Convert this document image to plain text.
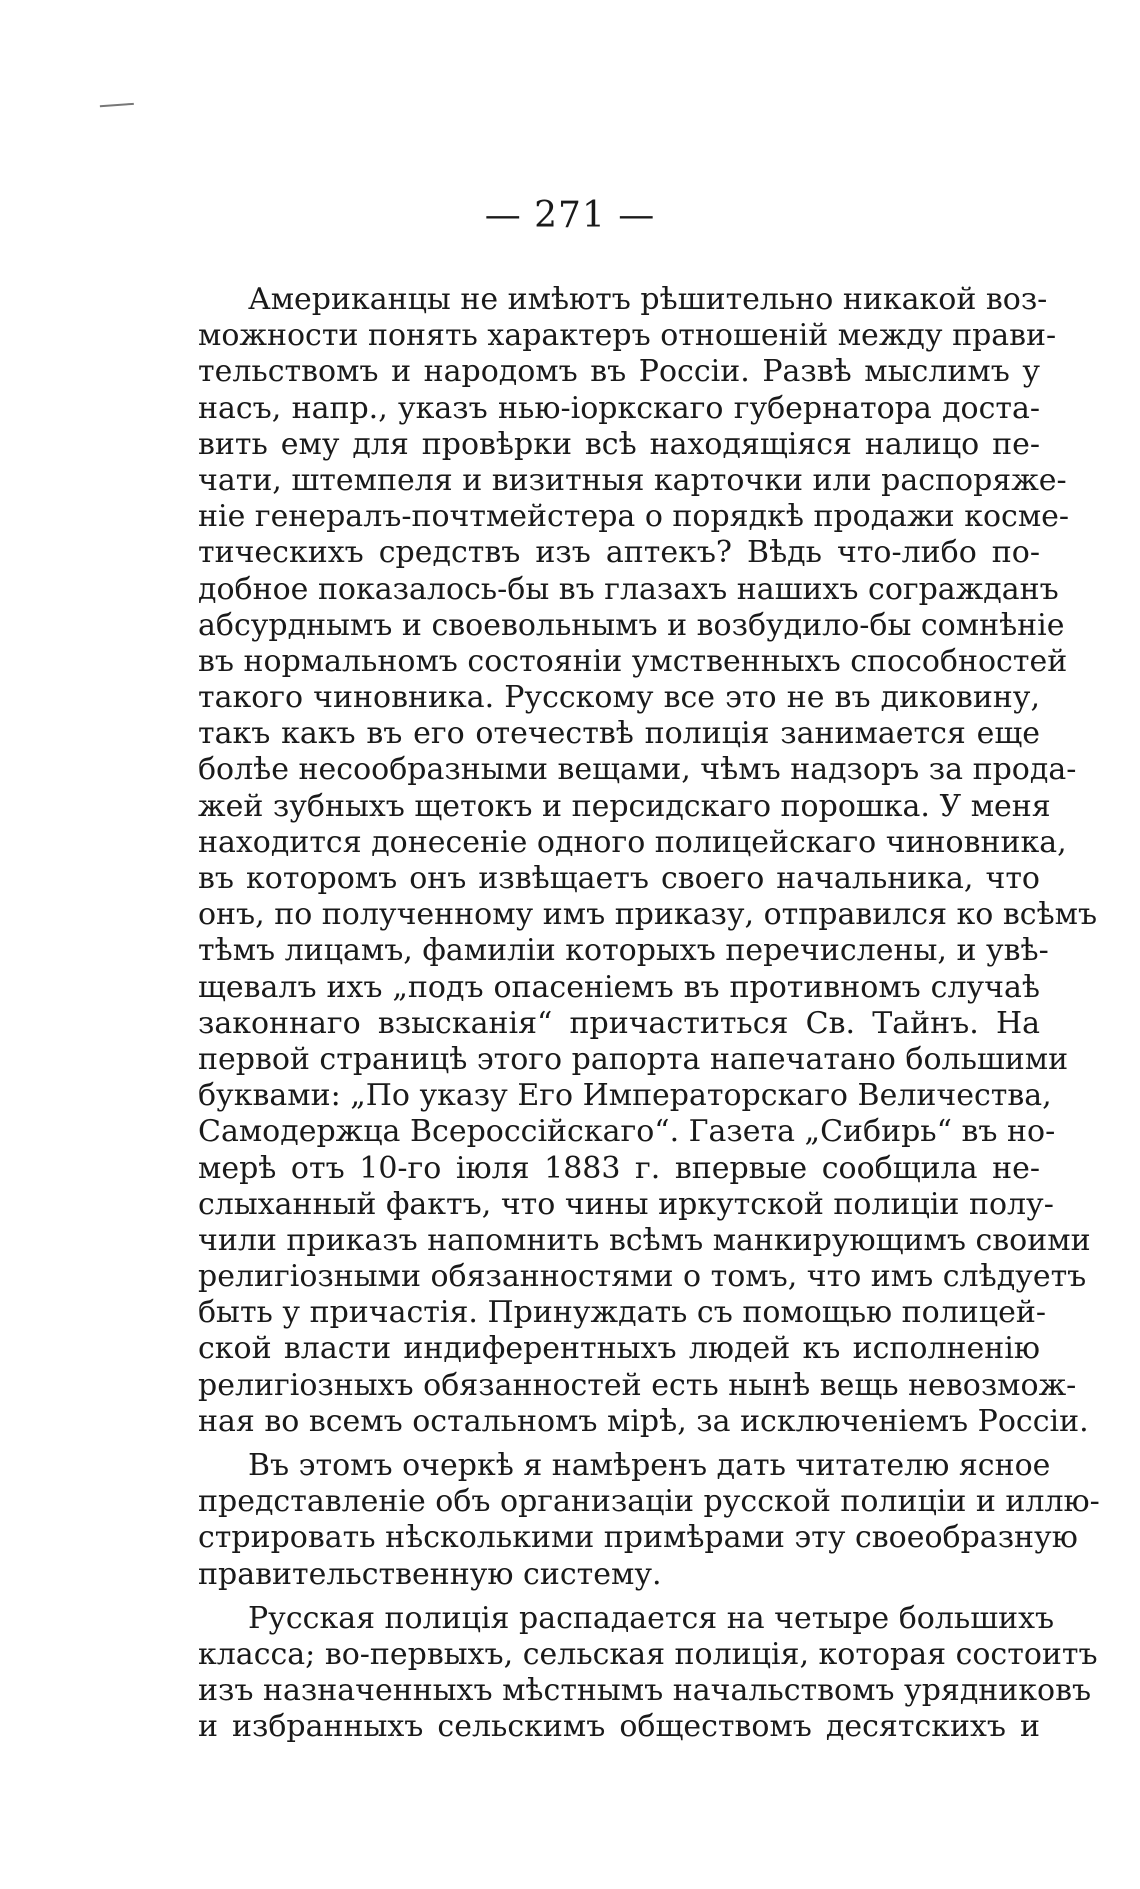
— 271 —
Американцы не имѣютъ рѣшительно никакой воз-
можности понять характеръ отношеній между прави-
тельствомъ и народомъ въ Россіи. Развѣ мыслимъ у
насъ, напр., указъ нью-іоркскаго губернатора доста-
вить ему для провѣрки всѣ находящіяся налицо пе-
чати, штемпеля и визитныя карточки или распоряже-
ніе генералъ-почтмейстера о порядкѣ продажи косме-
тическихъ средствъ изъ аптекъ? Вѣдь что-либо по-
добное показалось-бы въ глазахъ нашихъ согражданъ
абсурднымъ и своевольнымъ и возбудило-бы сомнѣніе
въ нормальномъ состояніи умственныхъ способностей
такого чиновника. Русскому все это не въ диковину,
такъ какъ въ его отечествѣ полиція занимается еще
болѣе несообразными вещами, чѣмъ надзоръ за прода-
жей зубныхъ щетокъ и персидскаго порошка. У меня
находится донесеніе одного полицейскаго чиновника,
въ которомъ онъ извѣщаетъ своего начальника, что
онъ, по полученному имъ приказу, отправился ко всѣмъ
тѣмъ лицамъ, фамиліи которыхъ перечислены, и увѣ-
щевалъ ихъ „подъ опасеніемъ въ противномъ случаѣ
законнаго взысканія“ причаститься Св. Тайнъ. На
первой страницѣ этого рапорта напечатано большими
буквами: „По указу Его Императорскаго Величества,
Самодержца Всероссійскаго“. Газета „Сибирь“ въ но-
мерѣ отъ 10-го іюля 1883 г. впервые сообщила не-
слыханный фактъ, что чины иркутской полиціи полу-
чили приказъ напомнить всѣмъ манкирующимъ своими
религіозными обязанностями о томъ, что имъ слѣдуетъ
быть у причастія. Принуждать съ помощью полицей-
ской власти индиферентныхъ людей къ исполненію
религіозныхъ обязанностей есть нынѣ вещь невозмож-
ная во всемъ остальномъ мірѣ, за исключеніемъ Россіи.
Въ этомъ очеркѣ я намѣренъ дать читателю ясное
представленіе объ организаціи русской полиціи и иллю-
стрировать нѣсколькими примѣрами эту своеобразную
правительственную систему.
Русская полиція распадается на четыре большихъ
класса; во-первыхъ, сельская полиція, которая состоитъ
изъ назначенныхъ мѣстнымъ начальствомъ урядниковъ
и избранныхъ сельскимъ обществомъ десятскихъ и
